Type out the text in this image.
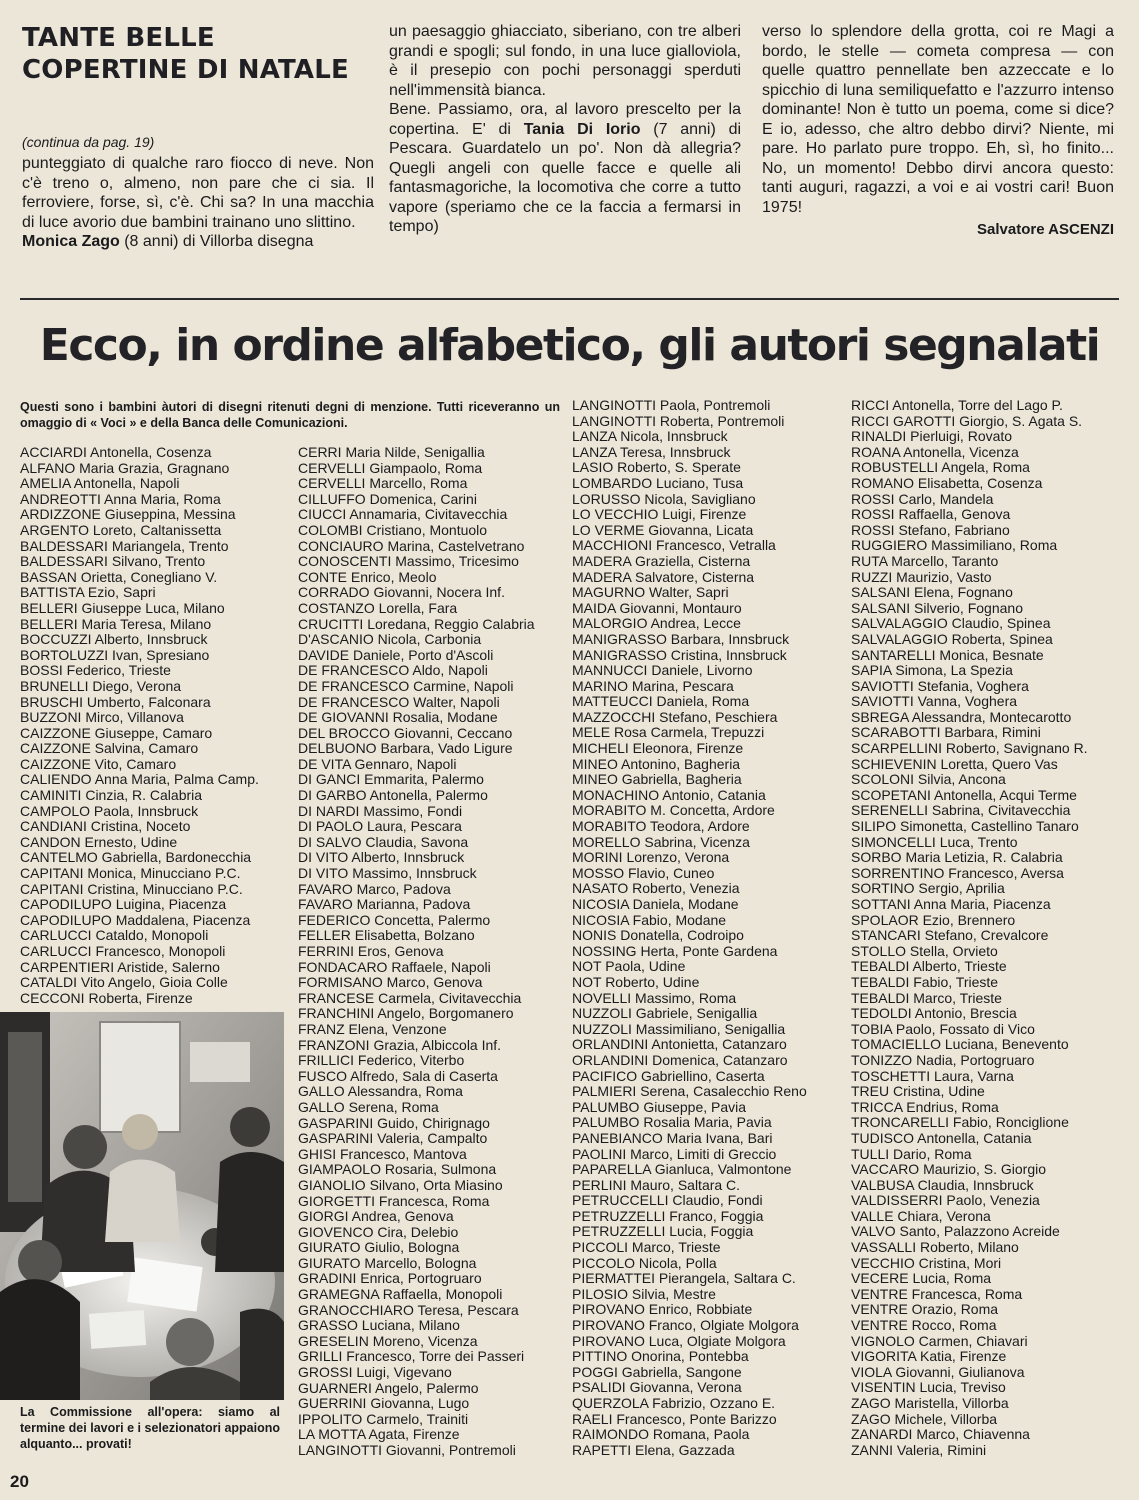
TANTE BELLE
COPERTINE DI NATALE
(continua da pag. 19)

punteggiato di qualche raro fiocco di neve. Non c'è treno o, almeno, non pare che ci sia. Il ferroviere, forse, sì, c'è. Chi sa? In una macchia di luce avorio due bambini trainano uno slittino.

Monica Zago (8 anni) di Villorba disegna

un paesaggio ghiacciato, siberiano, con tre alberi grandi e spogli; sul fondo, in una luce gialloviola, è il presepio con pochi personaggi sperduti nell'immensità bianca.

Bene. Passiamo, ora, al lavoro prescelto per la copertina. E' di Tania Di Iorio (7 anni) di Pescara. Guardatelo un po'. Non dà allegria? Quegli angeli con quelle facce e quelle ali fantasmagoriche, la locomotiva che corre a tutto vapore (speriamo che ce la faccia a fermarsi in tempo)

verso lo splendore della grotta, coi re Magi a bordo, le stelle — cometa compresa — con quelle quattro pennellate ben azzeccate e lo spicchio di luna semiliquefatto e l'azzurro intenso dominante! Non è tutto un poema, come si dice? E io, adesso, che altro debbo dirvi? Niente, mi pare. Ho parlato pure troppo. Eh, sì, ho finito... No, un momento! Debbo dirvi ancora questo: tanti auguri, ragazzi, a voi e ai vostri cari! Buon 1975!

Salvatore ASCENZI
Ecco, in ordine alfabetico, gli autori segnalati
Questi sono i bambini àutori di disegni ritenuti degni di menzione. Tutti riceveranno un omaggio di « Voci » e della Banca delle Comunicazioni.
ACCIARDI Antonella, Cosenza
ALFANO Maria Grazia, Gragnano
AMELIA Antonella, Napoli
ANDREOTTI Anna Maria, Roma
ARDIZZONE Giuseppina, Messina
ARGENTO Loreto, Caltanissetta
BALDESSARI Mariangela, Trento
BALDESSARI Silvano, Trento
BASSAN Orietta, Conegliano V.
BATTISTA Ezio, Sapri
BELLERI Giuseppe Luca, Milano
BELLERI Maria Teresa, Milano
BOCCUZZI Alberto, Innsbruck
BORTOLUZZI Ivan, Spresiano
BOSSI Federico, Trieste
BRUNELLI Diego, Verona
BRUSCHI Umberto, Falconara
BUZZONI Mirco, Villanova
CAIZZONE Giuseppe, Camaro
CAIZZONE Salvina, Camaro
CAIZZONE Vito, Camaro
CALIENDO Anna Maria, Palma Camp.
CAMINITI Cinzia, R. Calabria
CAMPOLO Paola, Innsbruck
CANDIANI Cristina, Noceto
CANDON Ernesto, Udine
CANTELMO Gabriella, Bardonecchia
CAPITANI Monica, Minucciano P.C.
CAPITANI Cristina, Minucciano P.C.
CAPODILUPO Luigina, Piacenza
CAPODILUPO Maddalena, Piacenza
CARLUCCI Cataldo, Monopoli
CARLUCCI Francesco, Monopoli
CARPENTIERI Aristide, Salerno
CATALDI Vito Angelo, Gioia Colle
CECCONI Roberta, Firenze
CERRI Maria Nilde, Senigallia
CERVELLI Giampaolo, Roma
CERVELLI Marcello, Roma
CILLUFFO Domenica, Carini
CIUCCI Annamaria, Civitavecchia
COLOMBI Cristiano, Montuolo
CONCIAURO Marina, Castelvetrano
CONOSCENTI Massimo, Tricesimo
CONTE Enrico, Meolo
CORRADO Giovanni, Nocera Inf.
COSTANZO Lorella, Fara
CRUCITTI Loredana, Reggio Calabria
D'ASCANIO Nicola, Carbonia
DAVIDE Daniele, Porto d'Ascoli
DE FRANCESCO Aldo, Napoli
DE FRANCESCO Carmine, Napoli
DE FRANCESCO Walter, Napoli
DE GIOVANNI Rosalia, Modane
DEL BROCCO Giovanni, Ceccano
DELBUONO Barbara, Vado Ligure
DE VITA Gennaro, Napoli
DI GANCI Emmarita, Palermo
DI GARBO Antonella, Palermo
DI NARDI Massimo, Fondi
DI PAOLO Laura, Pescara
DI SALVO Claudia, Savona
DI VITO Alberto, Innsbruck
DI VITO Massimo, Innsbruck
FAVARO Marco, Padova
FAVARO Marianna, Padova
FEDERICO Concetta, Palermo
FELLER Elisabetta, Bolzano
FERRINI Eros, Genova
FONDACARO Raffaele, Napoli
FORMISANO Marco, Genova
FRANCESE Carmela, Civitavecchia
FRANCHINI Angelo, Borgomanero
FRANZ Elena, Venzone
FRANZONI Grazia, Albiccola Inf.
FRILLICI Federico, Viterbo
FUSCO Alfredo, Sala di Caserta
GALLO Alessandra, Roma
GALLO Serena, Roma
GASPARINI Guido, Chirignago
GASPARINI Valeria, Campalto
GHISI Francesco, Mantova
GIAMPAOLO Rosaria, Sulmona
GIANOLIO Silvano, Orta Miasino
GIORGETTI Francesca, Roma
GIORGI Andrea, Genova
GIOVENCO Cira, Delebio
GIURATO Giulio, Bologna
GIURATO Marcello, Bologna
GRADINI Enrica, Portogruaro
GRAMEGNA Raffaella, Monopoli
GRANOCCHIARO Teresa, Pescara
GRASSO Luciana, Milano
GRESELIN Moreno, Vicenza
GRILLI Francesco, Torre dei Passeri
GROSSI Luigi, Vigevano
GUARNERI Angelo, Palermo
GUERRINI Giovanna, Lugo
IPPOLITO Carmelo, Trainiti
LA MOTTA Agata, Firenze
LANGINOTTI Giovanni, Pontremoli
LANGINOTTI Paola, Pontremoli
LANGINOTTI Roberta, Pontremoli
LANZA Nicola, Innsbruck
LANZA Teresa, Innsbruck
LASIO Roberto, S. Sperate
LOMBARDO Luciano, Tusa
LORUSSO Nicola, Savigliano
LO VECCHIO Luigi, Firenze
LO VERME Giovanna, Licata
MACCHIONI Francesco, Vetralla
MADERA Graziella, Cisterna
MADERA Salvatore, Cisterna
MAGURNO Walter, Sapri
MAIDA Giovanni, Montauro
MALORGIO Andrea, Lecce
MANIGRASSO Barbara, Innsbruck
MANIGRASSO Cristina, Innsbruck
MANNUCCI Daniele, Livorno
MARINO Marina, Pescara
MATTEUCCI Daniela, Roma
MAZZOCCHI Stefano, Peschiera
MELE Rosa Carmela, Trepuzzi
MICHELI Eleonora, Firenze
MINEO Antonino, Bagheria
MINEO Gabriella, Bagheria
MONACHINO Antonio, Catania
MORABITO M. Concetta, Ardore
MORABITO Teodora, Ardore
MORELLO Sabrina, Vicenza
MORINI Lorenzo, Verona
MOSSO Flavio, Cuneo
NASATO Roberto, Venezia
NICOSIA Daniela, Modane
NICOSIA Fabio, Modane
NONIS Donatella, Codroipo
NOSSING Herta, Ponte Gardena
NOT Paola, Udine
NOT Roberto, Udine
NOVELLI Massimo, Roma
NUZZOLI Gabriele, Senigallia
NUZZOLI Massimiliano, Senigallia
ORLANDINI Antonietta, Catanzaro
ORLANDINI Domenica, Catanzaro
PACIFICO Gabriellino, Caserta
PALMIERI Serena, Casalecchio Reno
PALUMBO Giuseppe, Pavia
PALUMBO Rosalia Maria, Pavia
PANEBIANCO Maria Ivana, Bari
PAOLINI Marco, Limiti di Greccio
PAPARELLA Gianluca, Valmontone
PERLINI Mauro, Saltara C.
PETRUCCELLI Claudio, Fondi
PETRUZZELLI Franco, Foggia
PETRUZZELLI Lucia, Foggia
PICCOLI Marco, Trieste
PICCOLO Nicola, Polla
PIERMATTEI Pierangela, Saltara C.
PILOSIO Silvia, Mestre
PIROVANO Enrico, Robbiate
PIROVANO Franco, Olgiate Molgora
PIROVANO Luca, Olgiate Molgora
PITTINO Onorina, Pontebba
POGGI Gabriella, Sangone
PSALIDI Giovanna, Verona
QUERZOLA Fabrizio, Ozzano E.
RAELI Francesco, Ponte Barizzo
RAIMONDO Romana, Paola
RAPETTI Elena, Gazzada
RICCI Antonella, Torre del Lago P.
RICCI GAROTTI Giorgio, S. Agata S.
RINALDI Pierluigi, Rovato
ROANA Antonella, Vicenza
ROBUSTELLI Angela, Roma
ROMANO Elisabetta, Cosenza
ROSSI Carlo, Mandela
ROSSI Raffaella, Genova
ROSSI Stefano, Fabriano
RUGGIERO Massimiliano, Roma
RUTA Marcello, Taranto
RUZZI Maurizio, Vasto
SALSANI Elena, Fognano
SALSANI Silverio, Fognano
SALVALAGGIO Claudio, Spinea
SALVALAGGIO Roberta, Spinea
SANTARELLI Monica, Besnate
SAPIA Simona, La Spezia
SAVIOTTI Stefania, Voghera
SAVIOTTI Vanna, Voghera
SBREGA Alessandra, Montecarotto
SCARABOTTI Barbara, Rimini
SCARPELLINI Roberto, Savignano R.
SCHIEVENIN Loretta, Quero Vas
SCOLONI Silvia, Ancona
SCOPETANI Antonella, Acqui Terme
SERENELLI Sabrina, Civitavecchia
SILIPO Simonetta, Castellino Tanaro
SIMONCELLI Luca, Trento
SORBO Maria Letizia, R. Calabria
SORRENTINO Francesco, Aversa
SORTINO Sergio, Aprilia
SOTTANI Anna Maria, Piacenza
SPOLAOR Ezio, Brennero
STANCARI Stefano, Crevalcore
STOLLO Stella, Orvieto
TEBALDI Alberto, Trieste
TEBALDI Fabio, Trieste
TEBALDI Marco, Trieste
TEDOLDI Antonio, Brescia
TOBIA Paolo, Fossato di Vico
TOMACIELLO Luciana, Benevento
TONIZZO Nadia, Portogruaro
TOSCHETTI Laura, Varna
TREU Cristina, Udine
TRICCA Endrius, Roma
TRONCARELLI Fabio, Ronciglione
TUDISCO Antonella, Catania
TULLI Dario, Roma
VACCARO Maurizio, S. Giorgio
VALBUSA Claudia, Innsbruck
VALDISSERRI Paolo, Venezia
VALLE Chiara, Verona
VALVO Santo, Palazzono Acreide
VASSALLI Roberto, Milano
VECCHIO Cristina, Mori
VECERE Lucia, Roma
VENTRE Francesca, Roma
VENTRE Orazio, Roma
VENTRE Rocco, Roma
VIGNOLO Carmen, Chiavari
VIGORITA Katia, Firenze
VIOLA Giovanni, Giulianova
VISENTIN Lucia, Treviso
ZAGO Maristella, Villorba
ZAGO Michele, Villorba
ZANARDI Marco, Chiavenna
ZANNI Valeria, Rimini
La Commissione all'opera: siamo al termine dei lavori e i selezionatori appaiono alquanto... provati!
20
